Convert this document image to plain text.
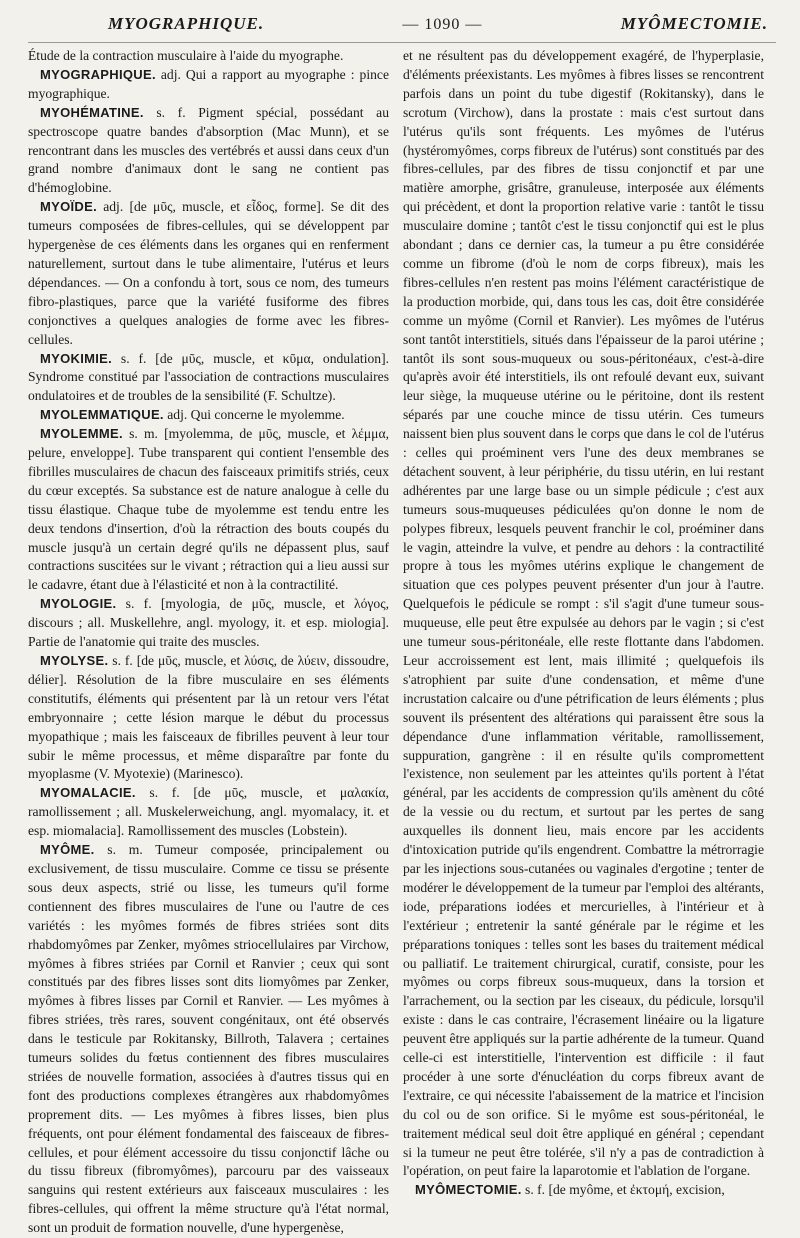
MYOGRAPHIQUE.	— 1090 —	MYÔMECTOMIE.

Étude de la contraction musculaire à l'aide du myographe.

MYOGRAPHIQUE. adj. Qui a rapport au myographe : pince myographique.

MYOHÉMATINE. s. f. Pigment spécial, possédant au spectroscope quatre bandes d'absorption (Mac Munn), et se rencontrant dans les muscles des vertébrés et aussi dans ceux d'un grand nombre d'animaux dont le sang ne contient pas d'hémoglobine.

MYOÏDE. adj. [de μῦς, muscle, et εἶδος, forme]. Se dit des tumeurs composées de fibres-cellules, qui se développent par hypergenèse de ces éléments dans les organes qui en renferment naturellement, surtout dans le tube alimentaire, l'utérus et leurs dépendances. — On a confondu à tort, sous ce nom, des tumeurs fibro-plastiques, parce que la variété fusiforme des fibres conjonctives a quelques analogies de forme avec les fibres-cellules.

MYOKIMIE. s. f. [de μῦς, muscle, et κῦμα, ondulation]. Syndrome constitué par l'association de contractions musculaires ondulatoires et de troubles de la sensibilité (F. Schultze).

MYOLEMMATIQUE. adj. Qui concerne le myolemme.

MYOLEMME. s. m. [myolemma, de μῦς, muscle, et λέμμα, pelure, enveloppe]. Tube transparent qui contient l'ensemble des fibrilles musculaires de chacun des faisceaux primitifs striés, ceux du cœur exceptés. Sa substance est de nature analogue à celle du tissu élastique. Chaque tube de myolemme est tendu entre les deux tendons d'insertion, d'où la rétraction des bouts coupés du muscle jusqu'à un certain degré qu'ils ne dépassent plus, sauf contractions suscitées sur le vivant ; rétraction qui a lieu aussi sur le cadavre, étant due à l'élasticité et non à la contractilité.

MYOLOGIE. s. f. [myologia, de μῦς, muscle, et λόγος, discours ; all. Muskellehre, angl. myology, it. et esp. miologia]. Partie de l'anatomie qui traite des muscles.

MYOLYSE. s. f. [de μῦς, muscle, et λύσις, de λύειν, dissoudre, délier]. Résolution de la fibre musculaire en ses éléments constitutifs, éléments qui présentent par là un retour vers l'état embryonnaire ; cette lésion marque le début du processus myopathique ; mais les faisceaux de fibrilles peuvent à leur tour subir le même processus, et même disparaître par fonte du myoplasme (V. Myotexie) (Marinesco).

MYOMALACIE. s. f. [de μῦς, muscle, et μαλακία, ramollissement ; all. Muskelerweichung, angl. myomalacy, it. et esp. miomalacia]. Ramollissement des muscles (Lobstein).

MYÔME. s. m. Tumeur composée, principalement ou exclusivement, de tissu musculaire. Comme ce tissu se présente sous deux aspects, strié ou lisse, les tumeurs qu'il forme contiennent des fibres musculaires de l'une ou l'autre de ces variétés : les myômes formés de fibres striées sont dits rhabdomyômes par Zenker, myômes striocellulaires par Virchow, myômes à fibres striées par Cornil et Ranvier ; ceux qui sont constitués par des fibres lisses sont dits liomyômes par Zenker, myômes à fibres lisses par Cornil et Ranvier. — Les myômes à fibres striées, très rares, souvent congénitaux, ont été observés dans le testicule par Rokitansky, Billroth, Talavera ; certaines tumeurs solides du fœtus contiennent des fibres musculaires striées de nouvelle formation, associées à d'autres tissus qui en font des productions complexes étrangères aux rhabdomyômes proprement dits. — Les myômes à fibres lisses, bien plus fréquents, ont pour élément fondamental des faisceaux de fibres-cellules, et pour élément accessoire du tissu conjonctif lâche ou du tissu fibreux (fibromyômes), parcouru par des vaisseaux sanguins qui restent extérieurs aux faisceaux musculaires : les fibres-cellules, qui offrent la même structure qu'à l'état normal, sont un produit de formation nouvelle, d'une hypergenèse,

et ne résultent pas du développement exagéré, de l'hyperplasie, d'éléments préexistants. Les myômes à fibres lisses se rencontrent parfois dans un point du tube digestif (Rokitansky), dans le scrotum (Virchow), dans la prostate : mais c'est surtout dans l'utérus qu'ils sont fréquents. Les myômes de l'utérus (hystéromyômes, corps fibreux de l'utérus) sont constitués par des fibres-cellules, par des fibres de tissu conjonctif et par une matière amorphe, grisâtre, granuleuse, interposée aux éléments qui précèdent, et dont la proportion relative varie : tantôt le tissu musculaire domine ; tantôt c'est le tissu conjonctif qui est le plus abondant ; dans ce dernier cas, la tumeur a pu être considérée comme un fibrome (d'où le nom de corps fibreux), mais les fibres-cellules n'en restent pas moins l'élément caractéristique de la production morbide, qui, dans tous les cas, doit être considérée comme un myôme (Cornil et Ranvier). Les myômes de l'utérus sont tantôt interstitiels, situés dans l'épaisseur de la paroi utérine ; tantôt ils sont sous-muqueux ou sous-péritonéaux, c'est-à-dire qu'après avoir été interstitiels, ils ont refoulé devant eux, suivant leur siège, la muqueuse utérine ou le péritoine, dont ils restent séparés par une couche mince de tissu utérin. Ces tumeurs naissent bien plus souvent dans le corps que dans le col de l'utérus : celles qui proéminent vers l'une des deux membranes se détachent souvent, à leur périphérie, du tissu utérin, en lui restant adhérentes par une large base ou un simple pédicule ; c'est aux tumeurs sous-muqueuses pédiculées qu'on donne le nom de polypes fibreux, lesquels peuvent franchir le col, proéminer dans le vagin, atteindre la vulve, et pendre au dehors : la contractilité propre à tous les myômes utérins explique le changement de situation que ces polypes peuvent présenter d'un jour à l'autre. Quelquefois le pédicule se rompt : s'il s'agit d'une tumeur sous-muqueuse, elle peut être expulsée au dehors par le vagin ; si c'est une tumeur sous-péritonéale, elle reste flottante dans l'abdomen. Leur accroissement est lent, mais illimité ; quelquefois ils s'atrophient par suite d'une condensation, et même d'une incrustation calcaire ou d'une pétrification de leurs éléments ; plus souvent ils présentent des altérations qui paraissent être sous la dépendance d'une inflammation véritable, ramollissement, suppuration, gangrène : il en résulte qu'ils compromettent l'existence, non seulement par les atteintes qu'ils portent à l'état général, par les accidents de compression qu'ils amènent du côté de la vessie ou du rectum, et surtout par les pertes de sang auxquelles ils donnent lieu, mais encore par les accidents d'intoxication putride qu'ils engendrent. Combattre la métrorragie par les injections sous-cutanées ou vaginales d'ergotine ; tenter de modérer le développement de la tumeur par l'emploi des altérants, iode, préparations iodées et mercurielles, à l'intérieur et à l'extérieur ; entretenir la santé générale par le régime et les préparations toniques : telles sont les bases du traitement médical ou palliatif. Le traitement chirurgical, curatif, consiste, pour les myômes ou corps fibreux sous-muqueux, dans la torsion et l'arrachement, ou la section par les ciseaux, du pédicule, lorsqu'il existe : dans le cas contraire, l'écrasement linéaire ou la ligature peuvent être appliqués sur la partie adhérente de la tumeur. Quand celle-ci est interstitielle, l'intervention est difficile : il faut procéder à une sorte d'énucléation du corps fibreux avant de l'extraire, ce qui nécessite l'abaissement de la matrice et l'incision du col ou de son orifice. Si le myôme est sous-péritonéal, le traitement médical seul doit être appliqué en général ; cependant si la tumeur ne peut être tolérée, s'il n'y a pas de contradiction à l'opération, on peut faire la laparotomie et l'ablation de l'organe.

MYÔMECTOMIE. s. f. [de myôme, et ἐκτομή, excision,
